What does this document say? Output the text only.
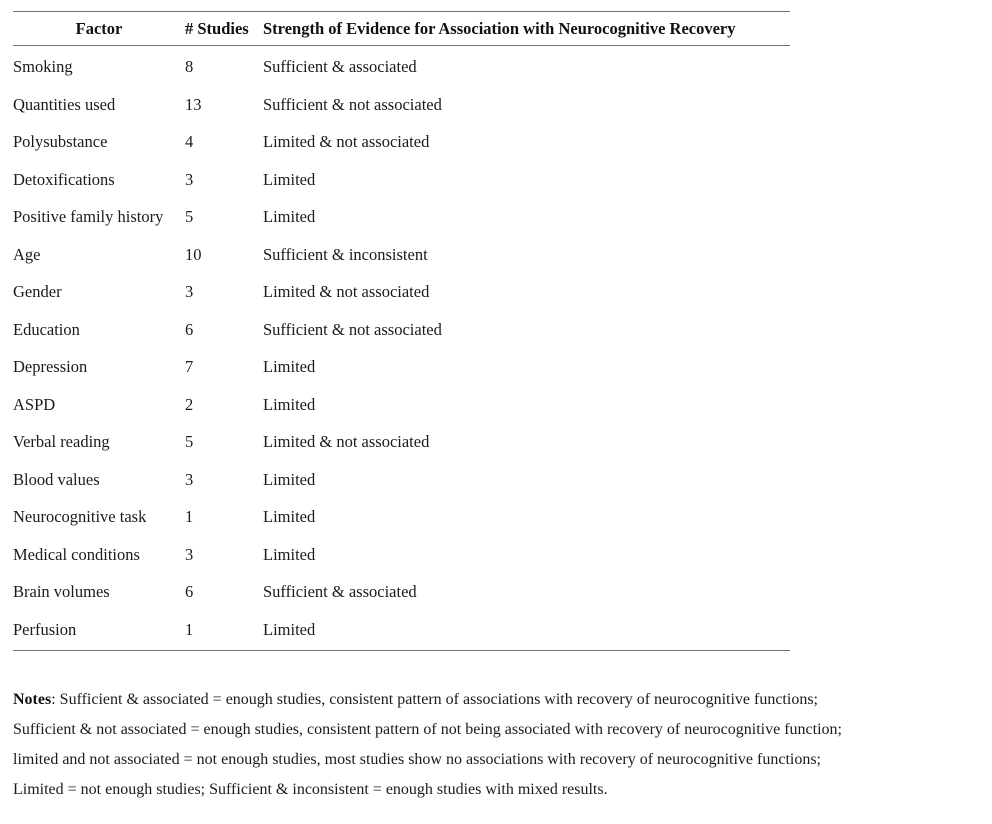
Factor	# Studies	Strength of Evidence for Association with Neurocognitive Recovery
Smoking	8	Sufficient & associated
Quantities used	13	Sufficient & not associated
Polysubstance	4	Limited & not associated
Detoxifications	3	Limited
Positive family history	5	Limited
Age	10	Sufficient & inconsistent
Gender	3	Limited & not associated
Education	6	Sufficient & not associated
Depression	7	Limited
ASPD	2	Limited
Verbal reading	5	Limited & not associated
Blood values	3	Limited
Neurocognitive task	1	Limited
Medical conditions	3	Limited
Brain volumes	6	Sufficient & associated
Perfusion	1	Limited
Notes: Sufficient & associated = enough studies, consistent pattern of associations with recovery of neurocognitive functions;
Sufficient & not associated = enough studies, consistent pattern of not being associated with recovery of neurocognitive function;
limited and not associated = not enough studies, most studies show no associations with recovery of neurocognitive functions;
Limited = not enough studies; Sufficient & inconsistent = enough studies with mixed results.
